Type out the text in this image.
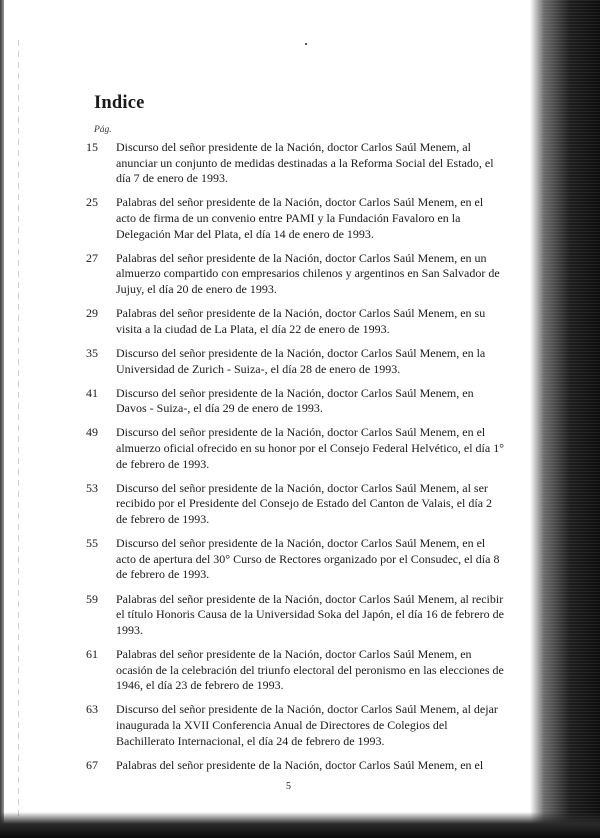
Indice
Pág.
15	Discurso del señor presidente de la Nación, doctor Carlos Saúl Menem, al anunciar un conjunto de medidas destinadas a la Reforma Social del Estado, el día 7 de enero de 1993.
25	Palabras del señor presidente de la Nación, doctor Carlos Saúl Menem, en el acto de firma de un convenio entre PAMI y la Fundación Favaloro en la Delegación Mar del Plata, el día 14 de enero de 1993.
27	Palabras del señor presidente de la Nación, doctor Carlos Saúl Menem, en un almuerzo compartido con empresarios chilenos y argentinos en San Salvador de Jujuy, el día 20 de enero de 1993.
29	Palabras del señor presidente de la Nación, doctor Carlos Saúl Menem, en su visita a la ciudad de La Plata, el día 22 de enero de 1993.
35	Discurso del señor presidente de la Nación, doctor Carlos Saúl Menem, en la Universidad de Zurich - Suiza-, el día 28 de enero de 1993.
41	Discurso del señor presidente de la Nación, doctor Carlos Saúl Menem, en Davos - Suiza-, el día 29 de enero de 1993.
49	Discurso del señor presidente de la Nación, doctor Carlos Saúl Menem, en el almuerzo oficial ofrecido en su honor por el Consejo Federal Helvético, el día 1° de febrero de 1993.
53	Discurso del señor presidente de la Nación, doctor Carlos Saúl Menem, al ser recibido por el Presidente del Consejo de Estado del Canton de Valais, el día 2 de febrero de 1993.
55	Discurso del señor presidente de la Nación, doctor Carlos Saúl Menem, en el acto de apertura del 30° Curso de Rectores organizado por el Consudec, el día 8 de febrero de 1993.
59	Palabras del señor presidente de la Nación, doctor Carlos Saúl Menem, al recibir el título Honoris Causa de la Universidad Soka del Japón, el día 16 de febrero de 1993.
61	Palabras del señor presidente de la Nación, doctor Carlos Saúl Menem, en ocasión de la celebración del triunfo electoral del peronismo en las elecciones de 1946, el día 23 de febrero de 1993.
63	Discurso del señor presidente de la Nación, doctor Carlos Saúl Menem, al dejar inaugurada la XVII Conferencia Anual de Directores de Colegios del Bachillerato Internacional, el día 24 de febrero de 1993.
67	Palabras del señor presidente de la Nación, doctor Carlos Saúl Menem, en el
5
